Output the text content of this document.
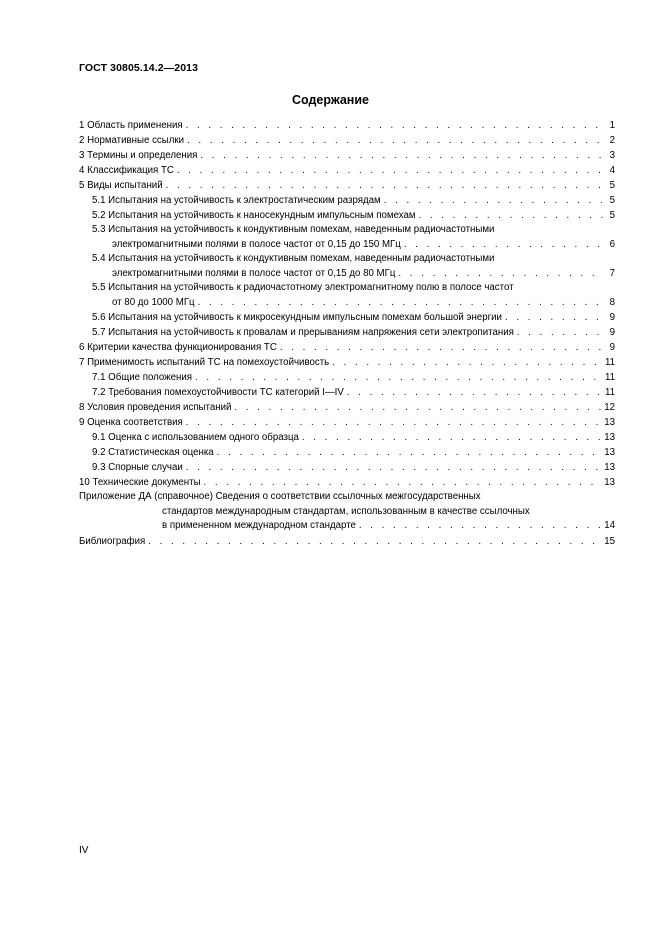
ГОСТ 30805.14.2—2013
Содержание
1 Область применения . . .	1
2 Нормативные ссылки . . .	2
3 Термины и определения . . .	3
4 Классификация ТС . . .	4
5 Виды испытаний . . .	5
5.1 Испытания на устойчивость к электростатическим разрядам . . .	5
5.2 Испытания на устойчивость к наносекундным импульсным помехам . . .	5
5.3 Испытания на устойчивость к кондуктивным помехам, наведенным радиочастотными
электромагнитными полями в полосе частот от 0,15 до 150 МГц . . .	6
5.4 Испытания на устойчивость к кондуктивным помехам, наведенным радиочастотными
электромагнитными полями в полосе частот от 0,15 до 80 МГц . . .	7
5.5 Испытания на устойчивость к радиочастотному электромагнитному полю в полосе частот
от 80 до 1000 МГц . . .	8
5.6 Испытания на устойчивость к микросекундным импульсным помехам большой энергии . . .	9
5.7 Испытания на устойчивость к провалам и прерываниям напряжения сети электропитания . . .	9
6 Критерии качества функционирования ТС . . .	9
7 Применимость испытаний ТС на помехоустойчивость . . .	11
7.1 Общие положения . . .	11
7.2 Требования помехоустойчивости ТС категорий I—IV . . .	11
8 Условия проведения испытаний . . .	12
9 Оценка соответствия . . .	13
9.1 Оценка с использованием одного образца . . .	13
9.2 Статистическая оценка . . .	13
9.3 Спорные случаи . . .	13
10 Технические документы . . .	13
Приложение ДА (справочное) Сведения о соответствии ссылочных межгосударственных
стандартов международным стандартам, использованным в качестве ссылочных
в примененном международном стандарте . . .	14
Библиография . . .	15
IV
